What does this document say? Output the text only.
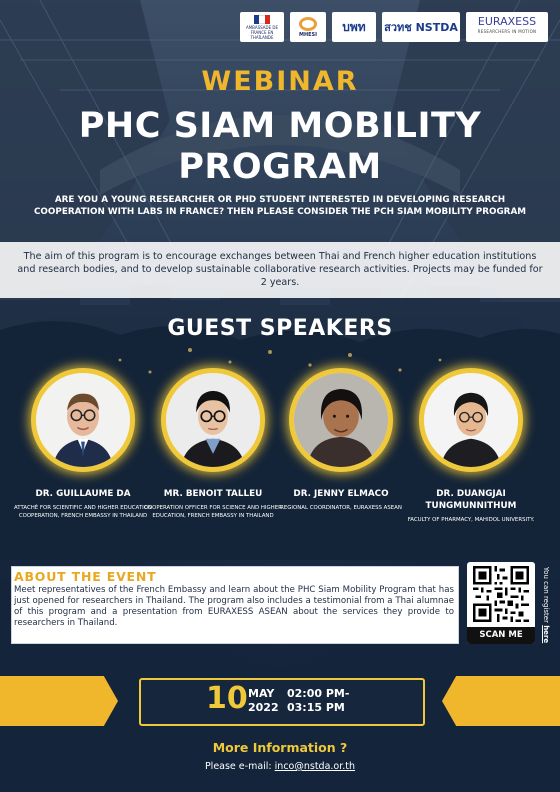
AMBASSADE DE FRANCE EN THAÏLANDE	MHESI
บพท สวทช NSTDA EURAXESS
RESEARCHERS IN MOTION
WEBINAR
PHC SIAM MOBILITY
PROGRAM
ARE YOU A YOUNG RESEARCHER OR PHD STUDENT INTERESTED IN DEVELOPING RESEARCH COOPERATION WITH LABS IN FRANCE? THEN PLEASE CONSIDER THE PCH SIAM MOBILITY PROGRAM
The aim of this program is to encourage exchanges between Thai and French higher education institutions and research bodies, and to develop sustainable collaborative research activities. Projects may be funded for 2 years.
GUEST SPEAKERS
DR. GUILLAUME DA
ATTACHÉ FOR SCIENTIFIC AND HIGHER EDUCATION COOPERATION, FRENCH EMBASSY IN THAILAND
MR. BENOIT TALLEU
COOPERATION OFFICER FOR SCIENCE AND HIGHER EDUCATION, FRENCH EMBASSY IN THAILAND
DR. JENNY ELMACO
REGIONAL COORDINATOR, EURAXESS ASEAN
DR. DUANGJAI TUNGMUNNITHUM
FACULTY OF PHARMACY, MAHIDOL UNIVERSITY.
ABOUT THE EVENT
Meet representatives of the French Embassy and learn about the PHC Siam Mobility Program that has just opened for researchers in Thailand. The program also includes a testimonial from a Thai alumnae of this program and a presentation from EURAXESS ASEAN about the services they provide to researchers in Thailand.
SCAN ME
You can register here
10 MAY
2022
02:00 PM-
03:15 PM
More Information ?
Please e-mail: inco@nstda.or.th
